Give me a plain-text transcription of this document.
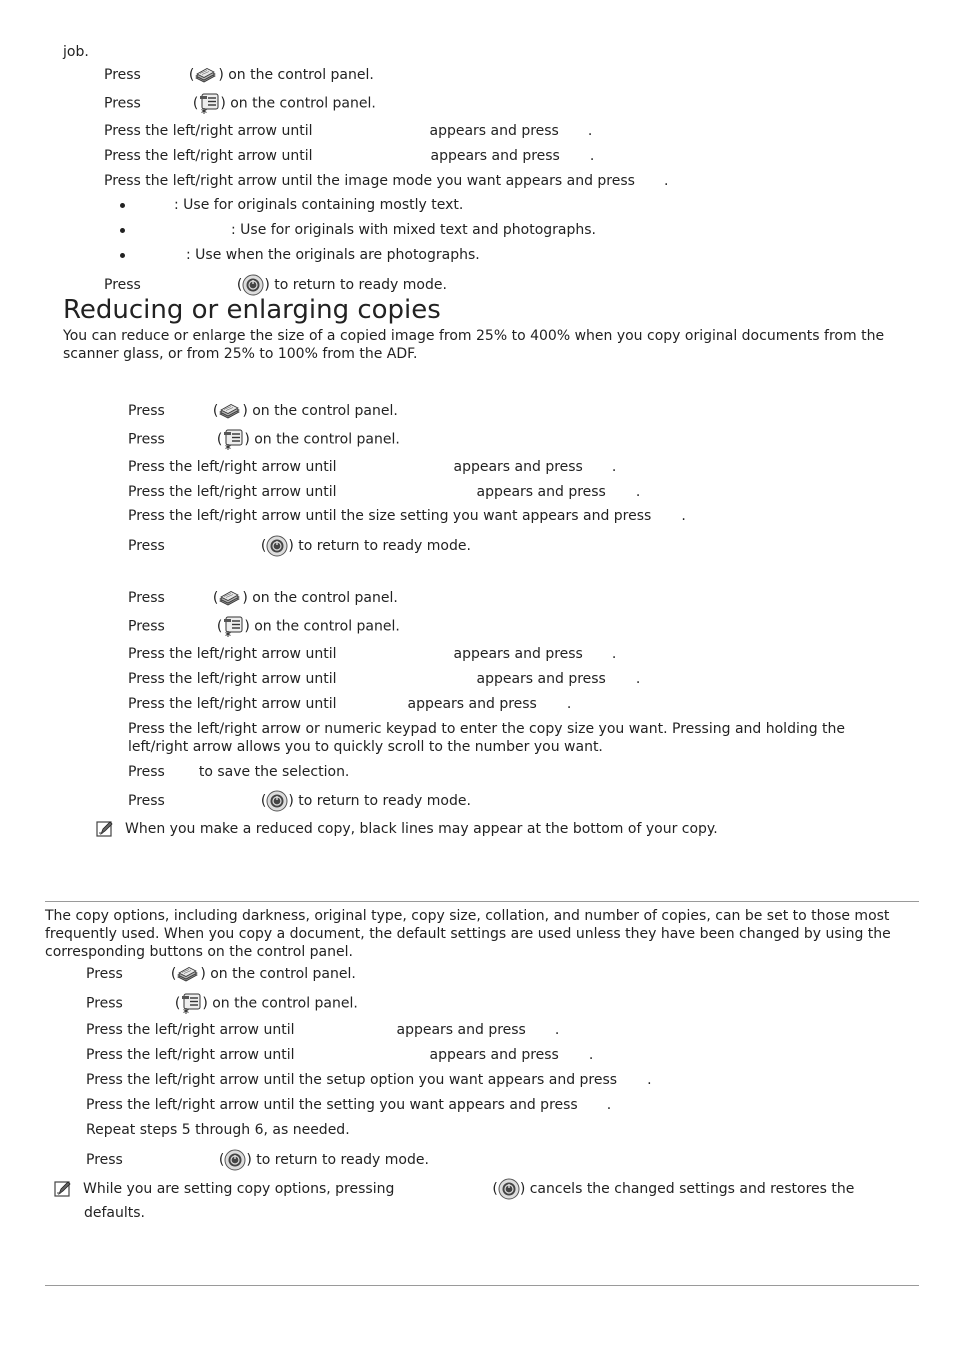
job.
Press	( ) on the control panel.
Press	( ) on the control panel.
Press the left/right arrow until	appears and press .
Press the left/right arrow until	appears and press .
Press the left/right arrow until the image mode you want appears and press .
: Use for originals containing mostly text.
: Use for originals with mixed text and photographs.
: Use when the originals are photographs.
Press	( ) to return to ready mode.
Reducing or enlarging copies
You can reduce or enlarge the size of a copied image from 25% to 400% when you copy original documents from the scanner glass, or from 25% to 100% from the ADF.
Press	( ) on the control panel.
Press	( ) on the control panel.
Press the left/right arrow until	appears and press .
Press the left/right arrow until	appears and press .
Press the left/right arrow until the size setting you want appears and press .
Press	( ) to return to ready mode.
Press	( ) on the control panel.
Press	( ) on the control panel.
Press the left/right arrow until	appears and press .
Press the left/right arrow until	appears and press .
Press the left/right arrow until	appears and press .
Press the left/right arrow or numeric keypad to enter the copy size you want. Pressing and holding the left/right arrow allows you to quickly scroll to the number you want.
Press to save the selection.
Press	( ) to return to ready mode.
When you make a reduced copy, black lines may appear at the bottom of your copy.
The copy options, including darkness, original type, copy size, collation, and number of copies, can be set to those most frequently used. When you copy a document, the default settings are used unless they have been changed by using the corresponding buttons on the control panel.
Press	( ) on the control panel.
Press	( ) on the control panel.
Press the left/right arrow until	appears and press .
Press the left/right arrow until	appears and press .
Press the left/right arrow until the setup option you want appears and press .
Press the left/right arrow until the setting you want appears and press .
Repeat steps 5 through 6, as needed.
Press	( ) to return to ready mode.
While you are setting copy options, pressing	( ) cancels the changed settings and restores the
defaults.
